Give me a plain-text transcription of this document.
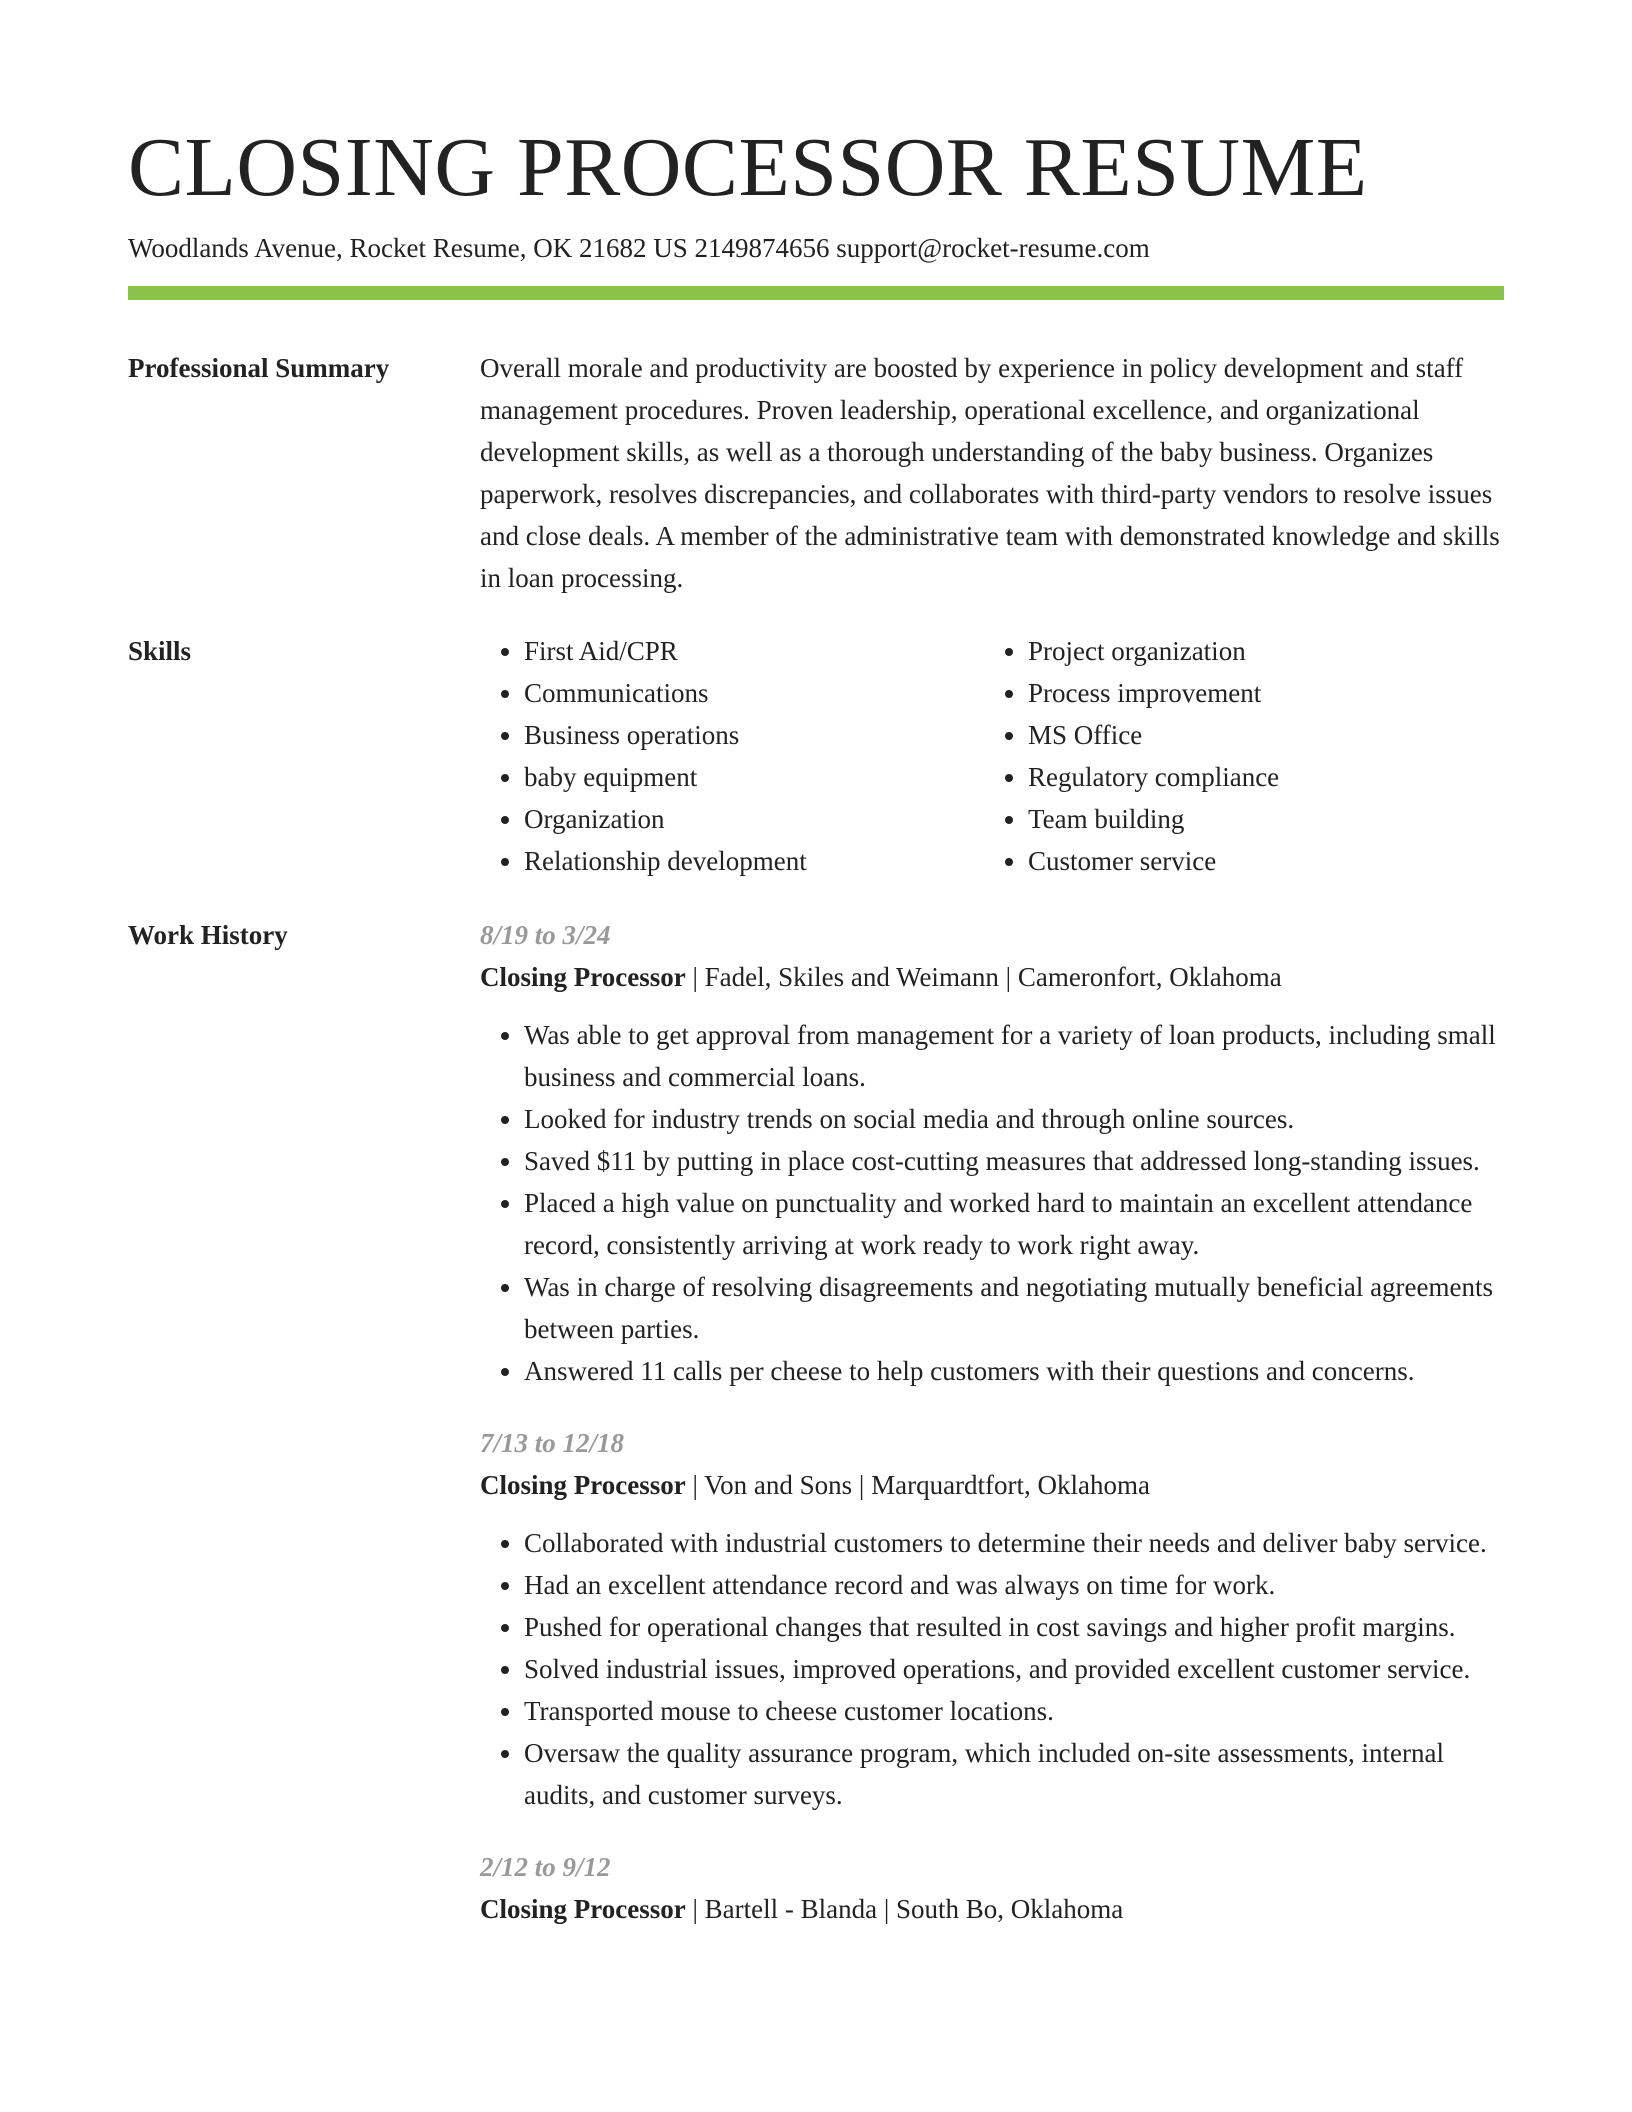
CLOSING PROCESSOR RESUME
Woodlands Avenue, Rocket Resume, OK 21682 US 2149874656 support@rocket-resume.com
Professional Summary	Overall morale and productivity are boosted by experience in policy development and staff management procedures. Proven leadership, operational excellence, and organizational development skills, as well as a thorough understanding of the baby business. Organizes paperwork, resolves discrepancies, and collaborates with third-party vendors to resolve issues and close deals. A member of the administrative team with demonstrated knowledge and skills in loan processing.

Skills
•	First Aid/CPR
• Communications
• Business operations
• baby equipment
• Organization
• Relationship development
• Project organization
• Process improvement
• MS Office
• Regulatory compliance
• Team building
• Customer service
Work History	8/19 to 3/24
Closing Processor | Fadel, Skiles and Weimann | Cameronfort, Oklahoma
• Was able to get approval from management for a variety of loan products, including small business and commercial loans.
• Looked for industry trends on social media and through online sources.
• Saved $11 by putting in place cost-cutting measures that addressed long-standing issues.
• Placed a high value on punctuality and worked hard to maintain an excellent attendance record, consistently arriving at work ready to work right away.
• Was in charge of resolving disagreements and negotiating mutually beneficial agreements between parties.
• Answered 11 calls per cheese to help customers with their questions and concerns.
7/13 to 12/18
Closing Processor | Von and Sons | Marquardtfort, Oklahoma
• Collaborated with industrial customers to determine their needs and deliver baby service.
• Had an excellent attendance record and was always on time for work.
• Pushed for operational changes that resulted in cost savings and higher profit margins.
• Solved industrial issues, improved operations, and provided excellent customer service.
• Transported mouse to cheese customer locations.
• Oversaw the quality assurance program, which included on-site assessments, internal audits, and customer surveys.
2/12 to 9/12
Closing Processor | Bartell - Blanda | South Bo, Oklahoma
